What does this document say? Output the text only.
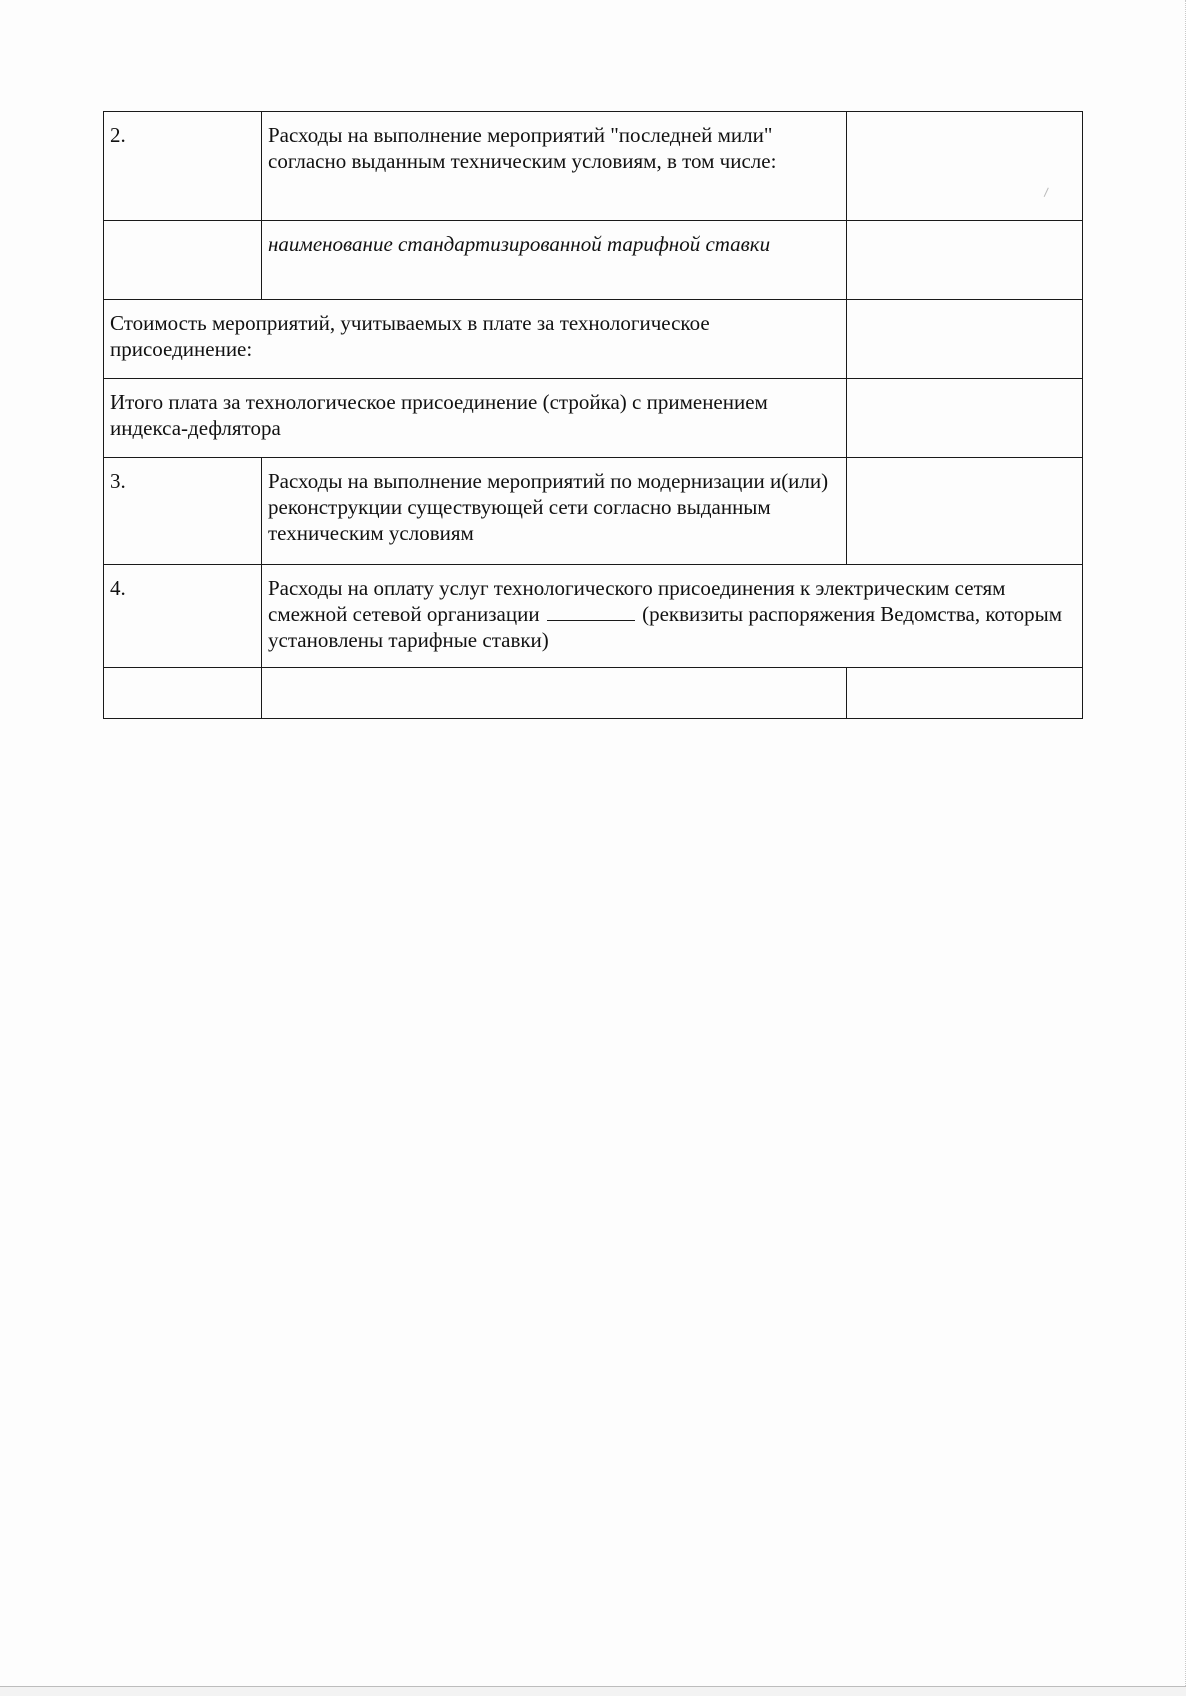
2.	Расходы на выполнение мероприятий "последней мили" согласно выданным техническим условиям, в том числе:	
	наименование стандартизированной тарифной ставки	
Стоимость мероприятий, учитываемых в плате за технологическое присоединение:		
Итого плата за технологическое присоединение (стройка) с применением индекса-дефлятора		
3.	Расходы на выполнение мероприятий по модернизации и(или) реконструкции существующей сети согласно выданным техническим условиям	
4.	Расходы на оплату услуг технологического присоединения к электрическим сетям смежной сетевой организации (реквизиты распоряжения Ведомства, которым установлены тарифные ставки)	
